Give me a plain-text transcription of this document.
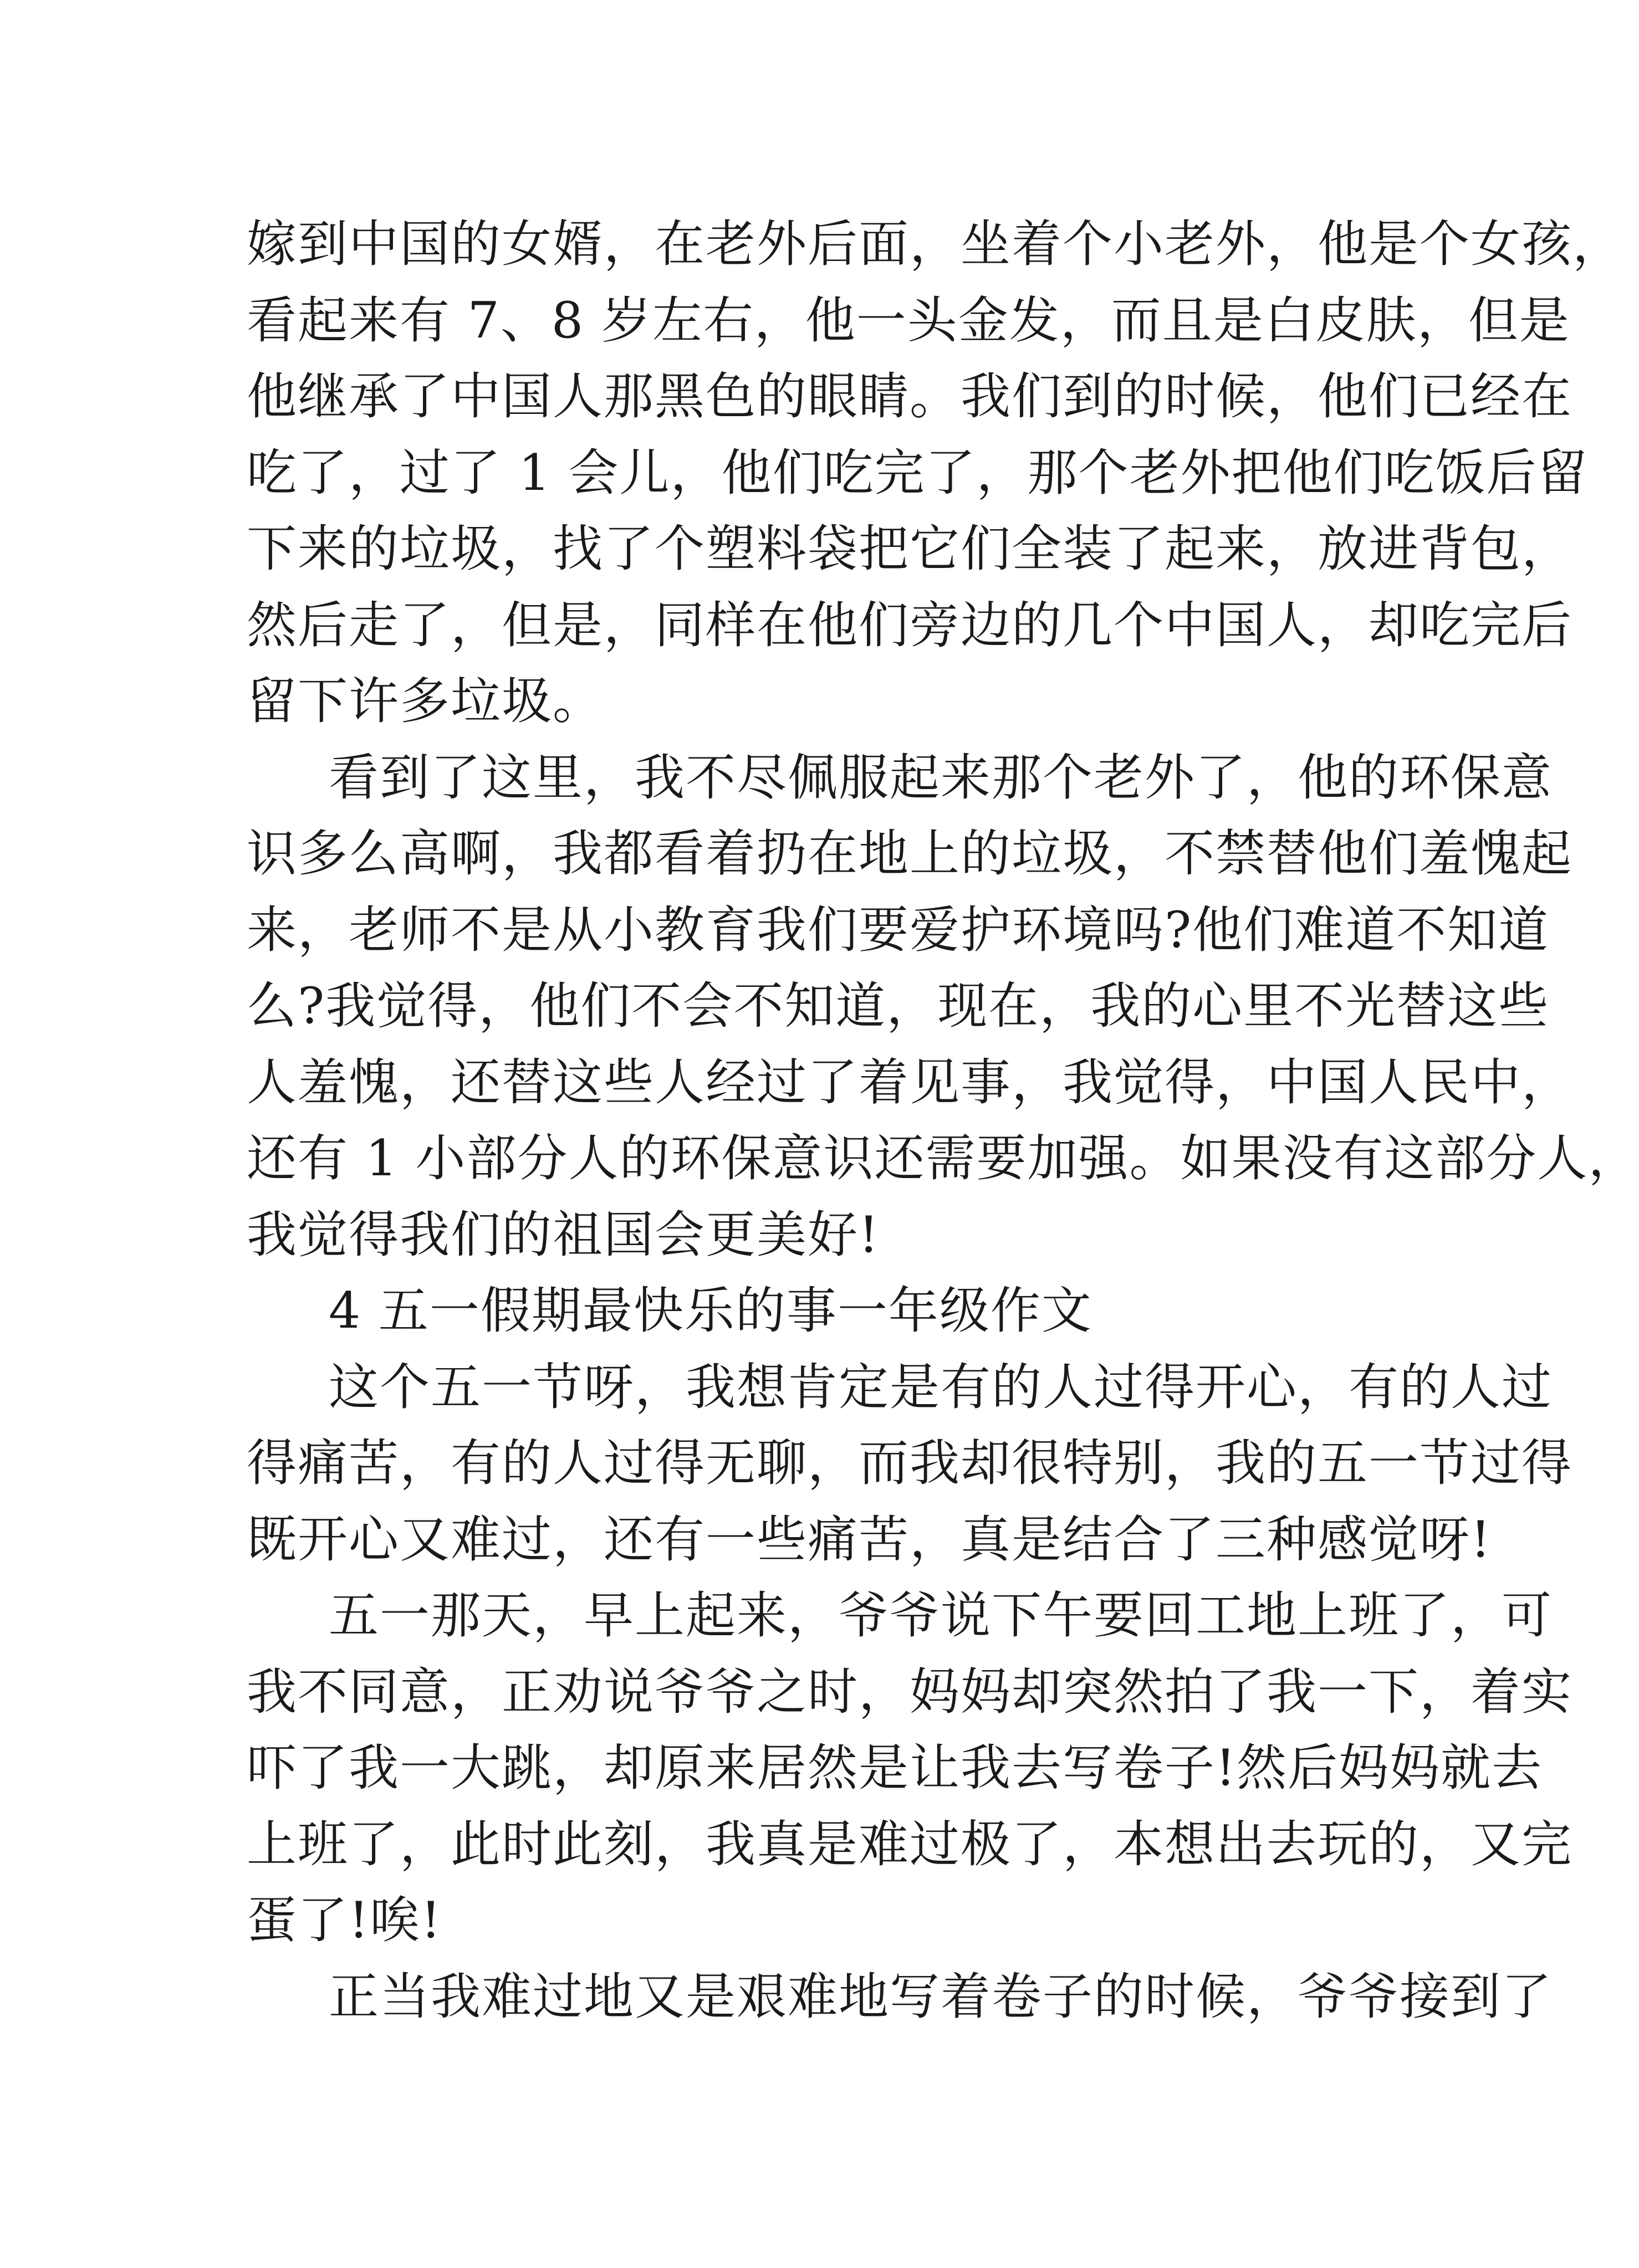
嫁到中国的女婿，在老外后面，坐着个小老外，他是个女孩，
看起来有 7、8 岁左右，他一头金发，而且是白皮肤，但是
他继承了中国人那黑色的眼睛。我们到的时候，他们已经在
吃了，过了 1 会儿，他们吃完了，那个老外把他们吃饭后留
下来的垃圾，找了个塑料袋把它们全装了起来，放进背包，
然后走了，但是，同样在他们旁边的几个中国人，却吃完后
留下许多垃圾。
看到了这里，我不尽佩服起来那个老外了，他的环保意
识多么高啊，我都看着扔在地上的垃圾，不禁替他们羞愧起
来，老师不是从小教育我们要爱护环境吗?他们难道不知道
么?我觉得，他们不会不知道，现在，我的心里不光替这些
人羞愧，还替这些人经过了着见事，我觉得，中国人民中，
还有 1 小部分人的环保意识还需要加强。如果没有这部分人，
我觉得我们的祖国会更美好!
4 五一假期最快乐的事一年级作文
这个五一节呀，我想肯定是有的人过得开心，有的人过
得痛苦，有的人过得无聊，而我却很特别，我的五一节过得
既开心又难过，还有一些痛苦，真是结合了三种感觉呀!
五一那天，早上起来，爷爷说下午要回工地上班了，可
我不同意，正劝说爷爷之时，妈妈却突然拍了我一下，着实
吓了我一大跳，却原来居然是让我去写卷子!然后妈妈就去
上班了，此时此刻，我真是难过极了，本想出去玩的，又完
蛋了!唉!
正当我难过地又是艰难地写着卷子的时候，爷爷接到了
